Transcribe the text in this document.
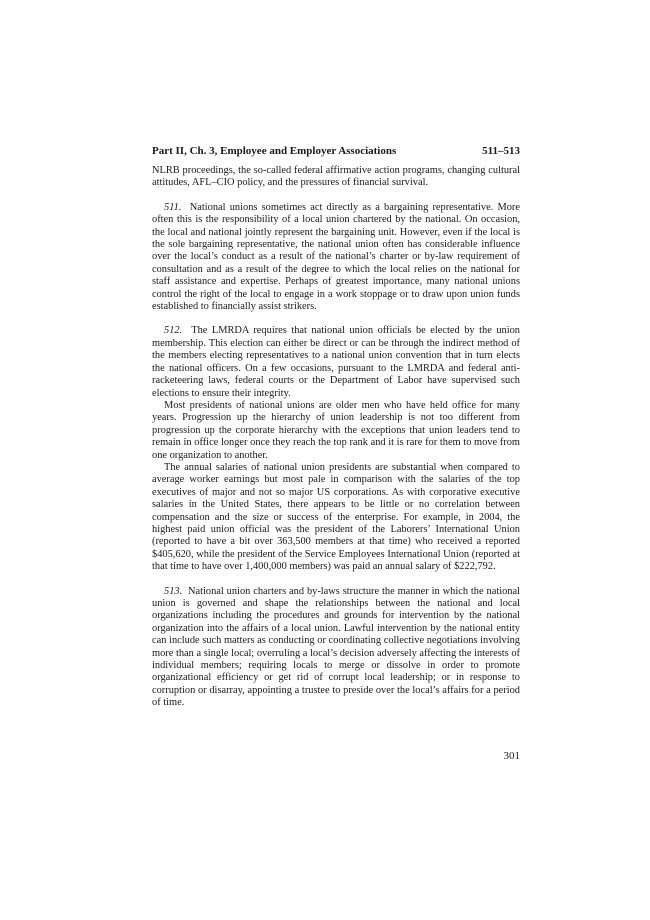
Part II, Ch. 3, Employee and Employer Associations	511–513

NLRB proceedings, the so-called federal affirmative action programs, changing cultural attitudes, AFL–CIO policy, and the pressures of financial survival.

511. National unions sometimes act directly as a bargaining representative. More often this is the responsibility of a local union chartered by the national. On occasion, the local and national jointly represent the bargaining unit. However, even if the local is the sole bargaining representative, the national union often has considerable influence over the local’s conduct as a result of the national’s charter or by-law requirement of consultation and as a result of the degree to which the local relies on the national for staff assistance and expertise. Perhaps of greatest importance, many national unions control the right of the local to engage in a work stoppage or to draw upon union funds established to financially assist strikers.

512. The LMRDA requires that national union officials be elected by the union membership. This election can either be direct or can be through the indirect method of the members electing representatives to a national union convention that in turn elects the national officers. On a few occasions, pursuant to the LMRDA and federal anti-racketeering laws, federal courts or the Department of Labor have supervised such elections to ensure their integrity.

Most presidents of national unions are older men who have held office for many years. Progression up the hierarchy of union leadership is not too different from progression up the corporate hierarchy with the exceptions that union leaders tend to remain in office longer once they reach the top rank and it is rare for them to move from one organization to another.

The annual salaries of national union presidents are substantial when compared to average worker earnings but most pale in comparison with the salaries of the top executives of major and not so major US corporations. As with corporative executive salaries in the United States, there appears to be little or no correlation between compensation and the size or success of the enterprise. For example, in 2004, the highest paid union official was the president of the Laborers’ International Union (reported to have a bit over 363,500 members at that time) who received a reported $405,620, while the president of the Service Employees International Union (reported at that time to have over 1,400,000 members) was paid an annual salary of $222,792.

513. National union charters and by-laws structure the manner in which the national union is governed and shape the relationships between the national and local organizations including the procedures and grounds for intervention by the national organization into the affairs of a local union. Lawful intervention by the national entity can include such matters as conducting or coordinating collective negotiations involving more than a single local; overruling a local’s decision adversely affecting the interests of individual members; requiring locals to merge or dissolve in order to promote organizational efficiency or get rid of corrupt local leadership; or in response to corruption or disarray, appointing a trustee to preside over the local’s affairs for a period of time.

301
